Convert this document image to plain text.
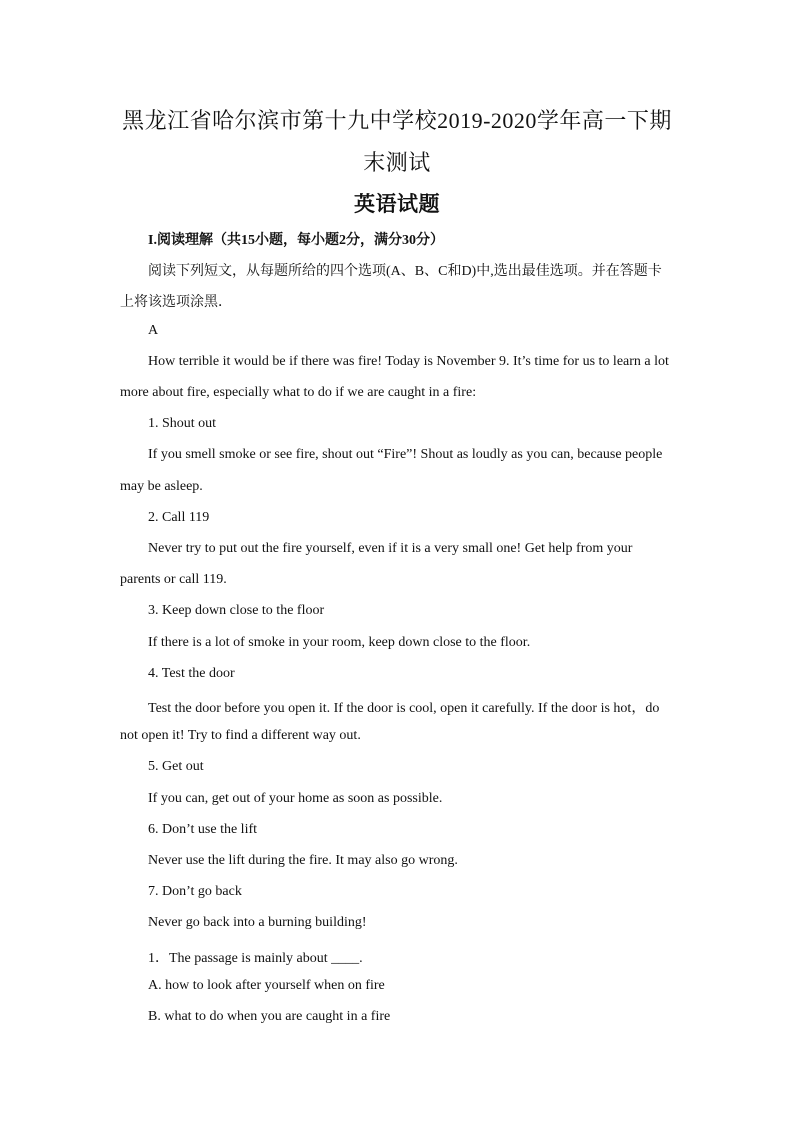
黑龙江省哈尔滨市第十九中学校2019-2020学年高一下期
末测试
英语试题
I.阅读理解（共15小题，每小题2分，满分30分）
阅读下列短文，从每题所给的四个选项(A、B、C和D)中,选出最佳选项。并在答题卡
上将该选项涂黑．
A
How terrible it would be if there was fire! Today is November 9. It’s time for us to learn a lot
more about fire, especially what to do if we are caught in a fire:
1. Shout out
If you smell smoke or see fire, shout out “Fire”! Shout as loudly as you can, because people
may be asleep.
2. Call 119
Never try to put out the fire yourself, even if it is a very small one! Get help from your
parents or call 119.
3. Keep down close to the floor
If there is a lot of smoke in your room, keep down close to the floor.
4. Test the door
Test the door before you open it. If the door is cool, open it carefully. If the door is hot，do
not open it! Try to find a different way out.
5. Get out
If you can, get out of your home as soon as possible.
6. Don’t use the lift
Never use the lift during the fire. It may also go wrong.
7. Don’t go back
Never go back into a burning building!
1．The passage is mainly about ____.
A. how to look after yourself when on fire
B. what to do when you are caught in a fire
